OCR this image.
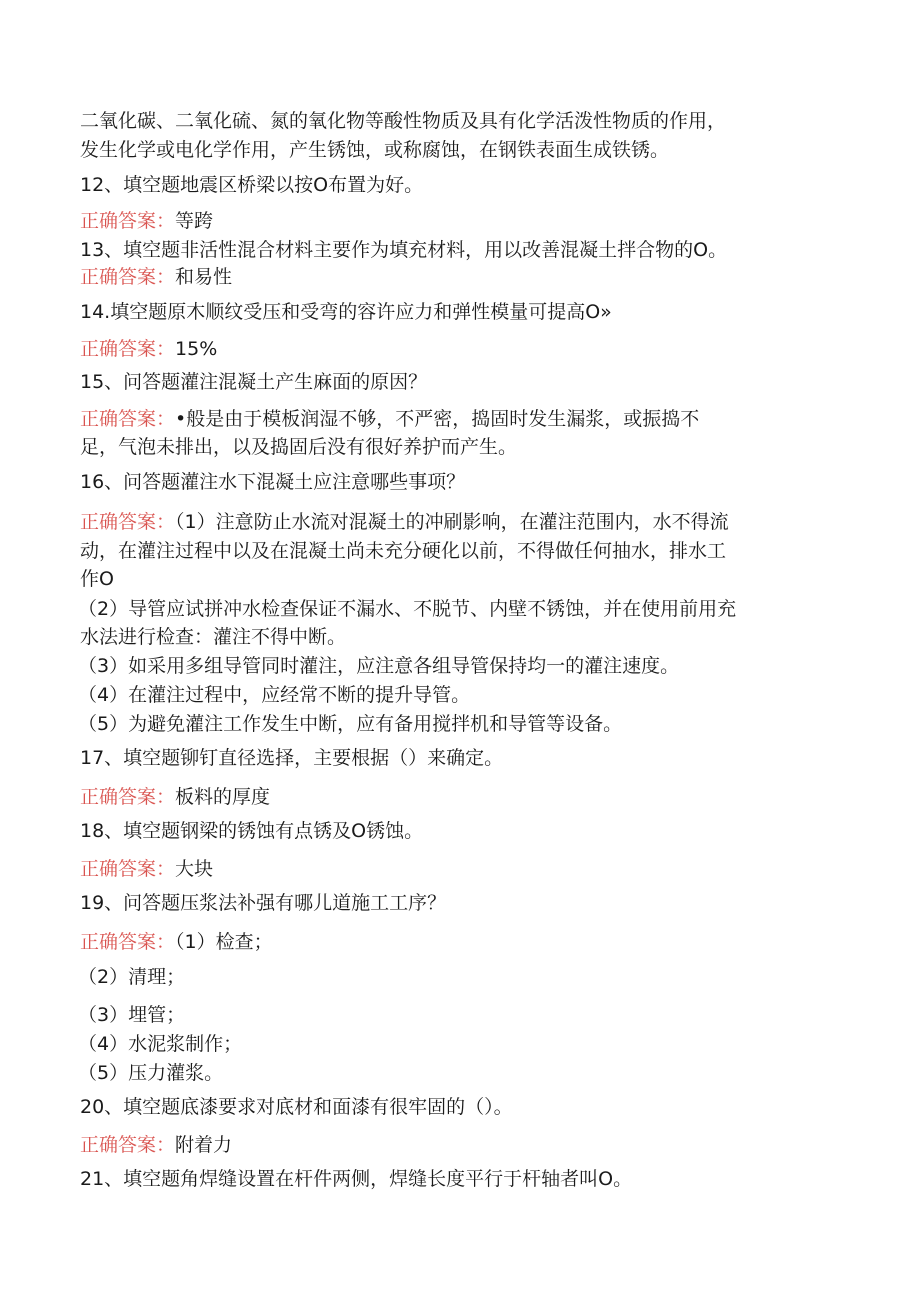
二氧化碳、二氧化硫、氮的氧化物等酸性物质及具有化学活泼性物质的作用，
发生化学或电化学作用，产生锈蚀，或称腐蚀，在钢铁表面生成铁锈。
12、填空题地震区桥梁以按O布置为好。
正确答案：等跨
13、填空题非活性混合材料主要作为填充材料，用以改善混凝土拌合物的O。
正确答案：和易性
14.填空题原木顺纹受压和受弯的容许应力和弹性模量可提高O»
正确答案：15%
15、问答题灌注混凝土产生麻面的原因？
正确答案：•般是由于模板润湿不够，不严密，捣固时发生漏浆，或振捣不
足，气泡未排出，以及捣固后没有很好养护而产生。
16、问答题灌注水下混凝土应注意哪些事项？
正确答案：（1）注意防止水流对混凝土的冲刷影响，在灌注范围内，水不得流
动，在灌注过程中以及在混凝土尚未充分硬化以前，不得做任何抽水，排水工
作O
（2）导管应试拼冲水检查保证不漏水、不脱节、内壁不锈蚀，并在使用前用充
水法进行检查：灌注不得中断。
（3）如采用多组导管同时灌注，应注意各组导管保持均一的灌注速度。
（4）在灌注过程中，应经常不断的提升导管。
（5）为避免灌注工作发生中断，应有备用搅拌机和导管等设备。
17、填空题铆钉直径选择，主要根据（）来确定。
正确答案：板料的厚度
18、填空题钢梁的锈蚀有点锈及O锈蚀。
正确答案：大块
19、问答题压浆法补强有哪儿道施工工序？
正确答案：（1）检查；
（2）清理；
（3）埋管；
（4）水泥浆制作；
（5）压力灌浆。
20、填空题底漆要求对底材和面漆有很牢固的（）。
正确答案：附着力
21、填空题角焊缝设置在杆件两侧，焊缝长度平行于杆轴者叫O。
